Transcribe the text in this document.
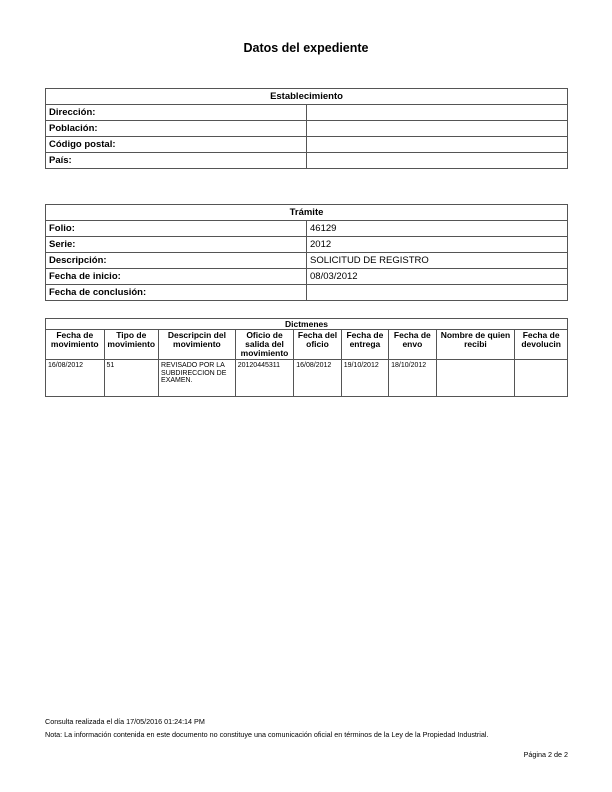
Datos del expediente
Establecimiento	
Dirección:	
Población:	
Código postal:	
País:	
Trámite	
Folio:	46129
Serie:	2012
Descripción:	SOLICITUD DE REGISTRO
Fecha de inicio:	08/03/2012
Fecha de conclusión:	
Dictmenes								
Fecha de movimiento	Tipo de movimiento	Descripcin del movimiento	Oficio de salida del movimiento	Fecha del oficio	Fecha de entrega	Fecha de envo	Nombre de quien recibi	Fecha de devolucin
16/08/2012	51	REVISADO POR LA SUBDIRECCION DE EXAMEN.	20120445311	16/08/2012	19/10/2012	18/10/2012		
Consulta realizada el día 17/05/2016 01:24:14 PM
Nota: La información contenida en este documento no constituye una comunicación oficial en términos de la Ley de la Propiedad Industrial.
Página 2 de 2
